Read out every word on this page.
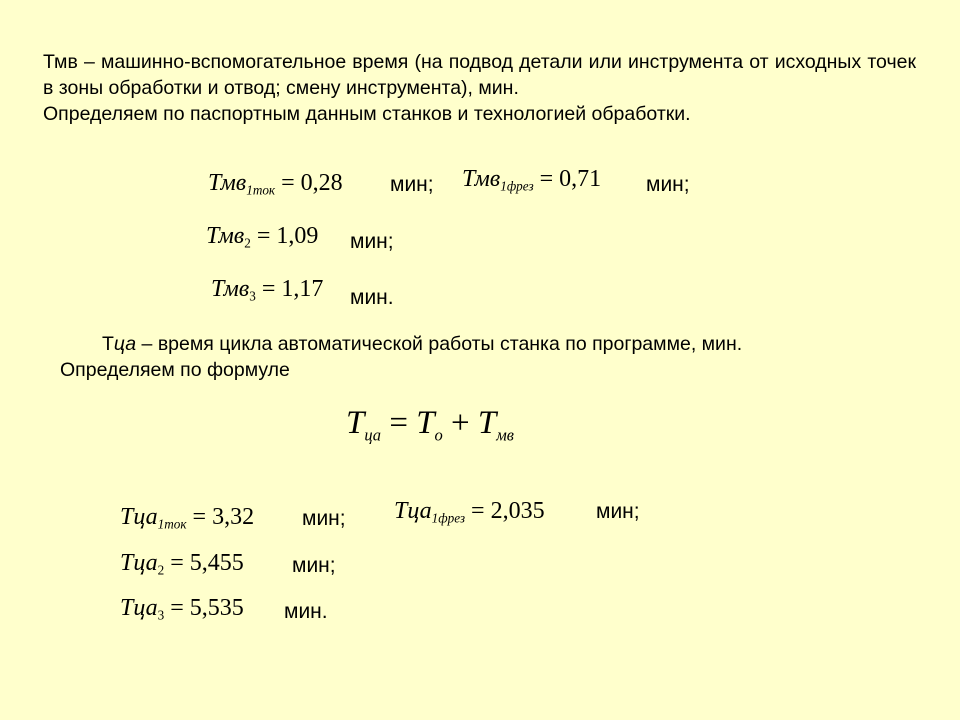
Тмв – машинно-вспомогательное время (на подвод детали или инструмента от исходных точек в зоны обработки и отвод; смену инструмента), мин.
Определяем по паспортным данным станков и технологией обработки.
Тмв$_{1ток}$ = 0,28 мин; Тмв$_{1фрез}$ = 0,71 мин;
Тмв$_2$ = 1,09 мин;
Тмв$_3$ = 1,17 мин.
Тца – время цикла автоматической работы станка по программе, мин.
Определяем по формуле
$T_{ца} = T_о + T_{мв}$
Тца$_{1ток}$ = 3,32 мин; Тца$_{1фрез}$ = 2,035 мин;
Тца$_2$ = 5,455 мин;
Тца$_3$ = 5,535 мин.
